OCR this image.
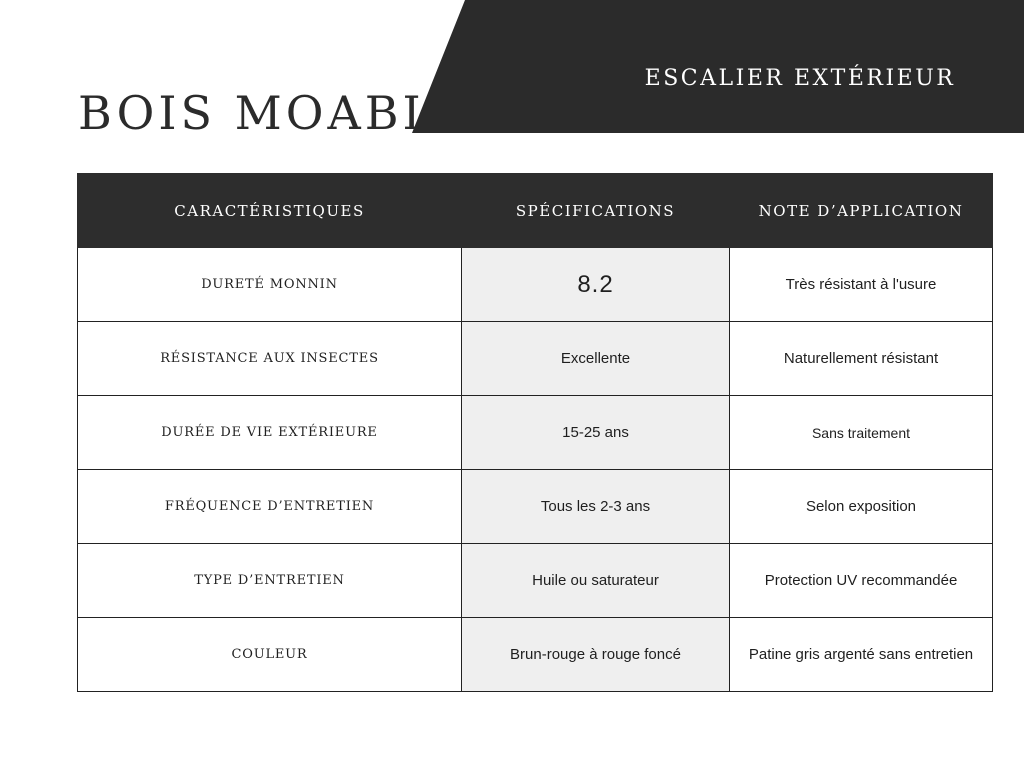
ESCALIER EXTÉRIEUR
BOIS MOABI
CARACTÉRISTIQUES	SPÉCIFICATIONS	NOTE D’APPLICATION
DURETÉ MONNIN	8.2	Très résistant à l'usure
RÉSISTANCE AUX INSECTES	Excellente	Naturellement résistant
DURÉE DE VIE EXTÉRIEURE	15-25 ans	Sans traitement
FRÉQUENCE D’ENTRETIEN	Tous les 2-3 ans	Selon exposition
TYPE D’ENTRETIEN	Huile ou saturateur	Protection UV recommandée
COULEUR	Brun-rouge à rouge foncé	Patine gris argenté sans entretien
